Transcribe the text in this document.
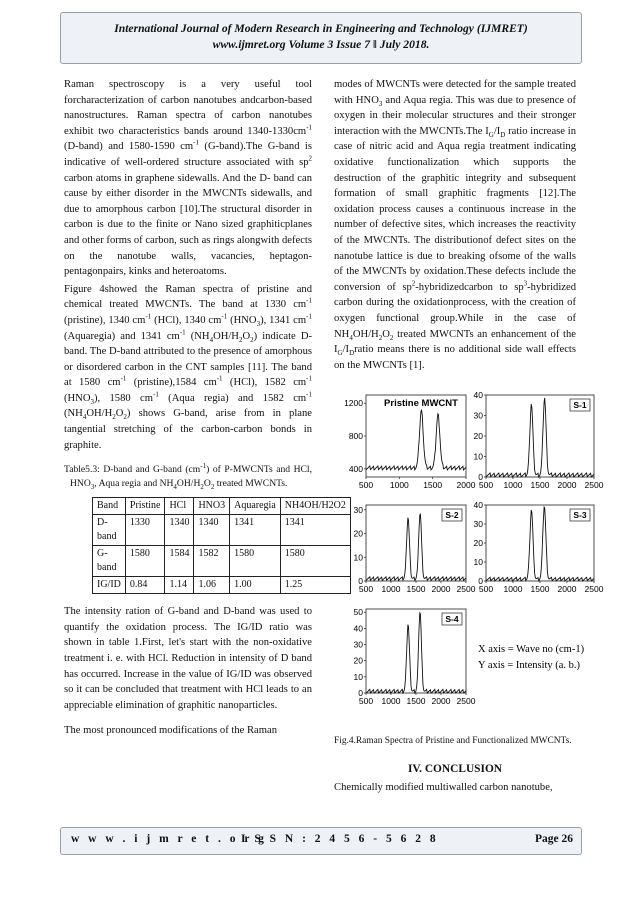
International Journal of Modern Research in Engineering and Technology (IJMRET)
www.ijmret.org Volume 3 Issue 7 ǁ July 2018.

Raman spectroscopy is a very useful tool forcharacterization of carbon nanotubes andcarbon-based nanostructures. Raman spectra of carbon nanotubes exhibit two characteristics bands around $1340-1330cm^{-1}$ (D-band) and 1580-1590 $cm^{-1}$ (G-band).The G-band is indicative of well-ordered structure associated with $sp^2$ carbon atoms in graphene sidewalls. And the D- band can cause by either disorder in the MWCNTs sidewalls, and due to amorphous carbon [10].The structural disorder in carbon is due to the finite or Nano sized graphiticplanes and other forms of carbon, such as rings alongwith defects on the nanotube walls, vacancies, heptagon-pentagonpairs, kinks and heteroatoms.

Figure 4showed the Raman spectra of pristine and chemical treated MWCNTs. The band at 1330 $cm^{-1}$ (pristine), 1340 $cm^{-1}$ (HCl), 1340 $cm^{-1}$ $(HNO_3)$, 1341 $cm^{-1}$ (Aquaregia) and 1341 $cm^{-1}$ $(NH_4OH/H_2O_2)$ indicate D-band. The D-band attributed to the presence of amorphous or disordered carbon in the CNT samples [11]. The band at 1580 $cm^{-1}$ (pristine),1584 $cm^{-1}$ (HCl), 1582 $cm^{-1}$ $(HNO_3)$, 1580 $cm^{-1}$ (Aqua regia) and 1582 $cm^{-1}$ $(NH_4OH/H_2O_2)$ shows G-band, arise from in plane tangential stretching of the carbon-carbon bonds in graphite.

Table5.3: D-band and G-band $(cm^{-1})$ of P-MWCNTs and HCl, $HNO_3$, Aqua regia and $NH_4OH/H_2O_2$ treated MWCNTs.
Band	Pristine	HCl	HNO3	Aquaregia	NH4OH/H2O2
D-band	1330	1340	1340	1341	1341
G-band	1580	1584	1582	1580	1580
IG/ID	0.84	1.14	1.06	1.00	1.25

The intensity ration of G-band and D-band was used to quantify the oxidation process. The IG/ID ratio was shown in table 1.First, let's start with the non-oxidative treatment i. e. with HCl. Reduction in intensity of D band has occurred. Increase in the value of IG/ID was observed so it can be concluded that treatment with HCl leads to an appreciable elimination of graphitic nanoparticles.

The most pronounced modifications of the Raman

modes of MWCNTs were detected for the sample treated with $HNO_3$ and Aqua regia. This was due to presence of oxygen in their molecular structures and their stronger interaction with the MWCNTs.The $I_G/I_D$ ratio increase in case of nitric acid and Aqua regia treatment indicating oxidative functionalization which supports the destruction of the graphitic integrity and subsequent formation of small graphitic fragments [12].The oxidation process causes a continuous increase in the number of defective sites, which increases the reactivity of the MWCNTs. The distributionof defect sites on the nanotube lattice is due to breaking ofsome of the walls of the MWCNTs by oxidation.These defects include the conversion of $sp^2$-hybridizedcarbon to $sp^3$-hybridized carbon during the oxidationprocess, with the creation of oxygen functional group.While in the case of $NH_4OH/H_2O_2$ treated MWCNTs an enhancement of the $I_G/I_Dratio$ means there is no additional side wall effects on the MWCNTs [1].

1200
800
400
500 1000 1500 2000
Pristine MWCNT
40
30
20
10
0
500 1000 1500 2000 2500
S-1
30
20
10
0
500 1000 1500 2000 2500
S-2
40
30
20
10
0
500 1000 1500 2000 2500
S-3
50
40
30
20
10
0
500 1000 1500 2000 2500
S-4
X axis = Wave no (cm-1)
Y axis = Intensity (a. b.)
Fig.4.Raman Spectra of Pristine and Functionalized MWCNTs.
IV. CONCLUSION

Chemically modified multiwalled carbon nanotube,

w w w . i j m r e t . o r g
I S S N : 2 4 5 6 - 5 6 2 8	Page 26
